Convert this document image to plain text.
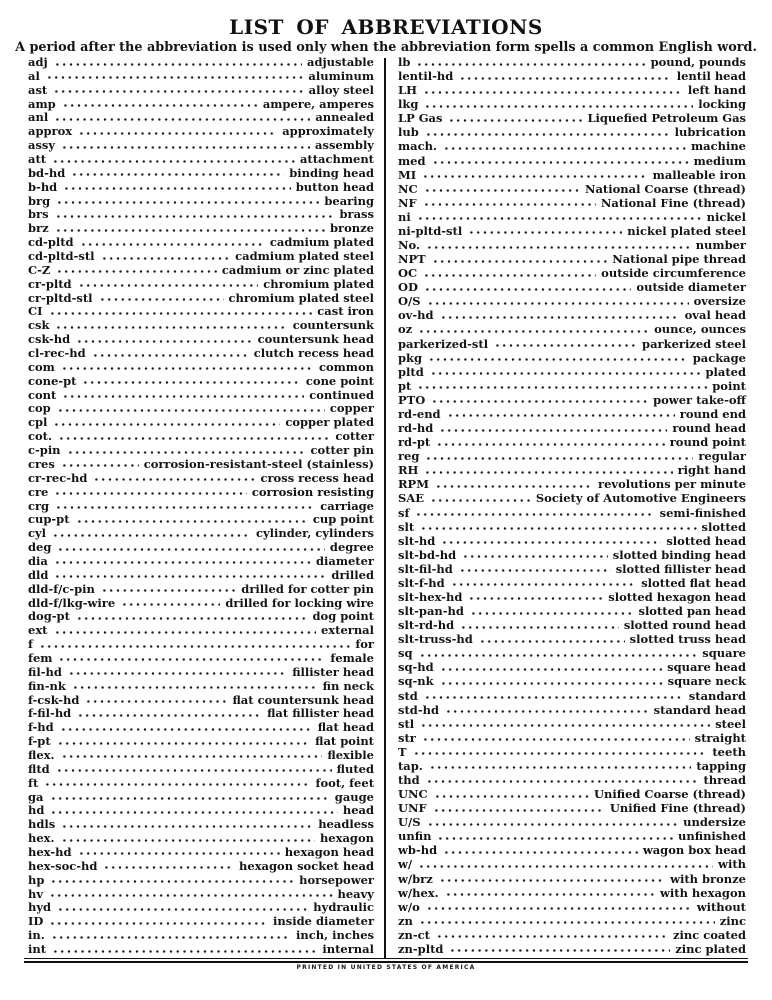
LIST OF ABBREVIATIONS

A period after the abbreviation is used only when the abbreviation form spells a common English word.

adj	adjustable
al	aluminum
ast	alloy steel
amp	ampere, amperes
anl	annealed
approx	approximately
assy	assembly
att	attachment
bd-hd	binding head
b-hd	button head
brg	bearing
brs	brass
brz	bronze
cd-pltd	cadmium plated
cd-pltd-stl	cadmium plated steel
C-Z	cadmium or zinc plated
cr-pltd	chromium plated
cr-pltd-stl	chromium plated steel
CI	cast iron
csk	countersunk
csk-hd	countersunk head
cl-rec-hd	clutch recess head
com	common
cone-pt	cone point
cont	continued
cop	copper
cpl	copper plated
cot.	cotter
c-pin	cotter pin
cres	corrosion-resistant-steel (stainless)
cr-rec-hd	cross recess head
cre	corrosion resisting
crg	carriage
cup-pt	cup point
cyl	cylinder, cylinders
deg	degree
dia	diameter
dld	drilled
dld-f/c-pin	drilled for cotter pin
dld-f/lkg-wire	drilled for locking wire
dog-pt	dog point
ext	external
f	for
fem	female
fil-hd	fillister head
fin-nk	fin neck
f-csk-hd	flat countersunk head
f-fil-hd	flat fillister head
f-hd	flat head
f-pt	flat point
flex.	flexible
fltd	fluted
ft	foot, feet
ga	gauge
hd	head
hdls	headless
hex.	hexagon
hex-hd	hexagon head
hex-soc-hd	hexagon socket head
hp	horsepower
hv	heavy
hyd	hydraulic
ID	inside diameter
in.	inch, inches
int	internal
lb	pound, pounds
lentil-hd	lentil head
LH	left hand
lkg	locking
LP Gas	Liquefied Petroleum Gas
lub	lubrication
mach.	machine
med	medium
MI	malleable iron
NC	National Coarse (thread)
NF	National Fine (thread)
ni	nickel
ni-pltd-stl	nickel plated steel
No.	number
NPT	National pipe thread
OC	outside circumference
OD	outside diameter
O/S	oversize
ov-hd	oval head
oz	ounce, ounces
parkerized-stl	parkerized steel
pkg	package
pltd	plated
pt	point
PTO	power take-off
rd-end	round end
rd-hd	round head
rd-pt	round point
reg	regular
RH	right hand
RPM	revolutions per minute
SAE	Society of Automotive Engineers
sf	semi-finished
slt	slotted
slt-hd	slotted head
slt-bd-hd	slotted binding head
slt-fil-hd	slotted fillister head
slt-f-hd	slotted flat head
slt-hex-hd	slotted hexagon head
slt-pan-hd	slotted pan head
slt-rd-hd	slotted round head
slt-truss-hd	slotted truss head
sq	square
sq-hd	square head
sq-nk	square neck
std	standard
std-hd	standard head
stl	steel
str	straight
T	teeth
tap.	tapping
thd	thread
UNC	Unified Coarse (thread)
UNF	Unified Fine (thread)
U/S	undersize
unfin	unfinished
wb-hd	wagon box head
w/	with
w/brz	with bronze
w/hex.	with hexagon
w/o	without
zn	zinc
zn-ct	zinc coated
zn-pltd	zinc plated
PRINTED IN UNITED STATES OF AMERICA
